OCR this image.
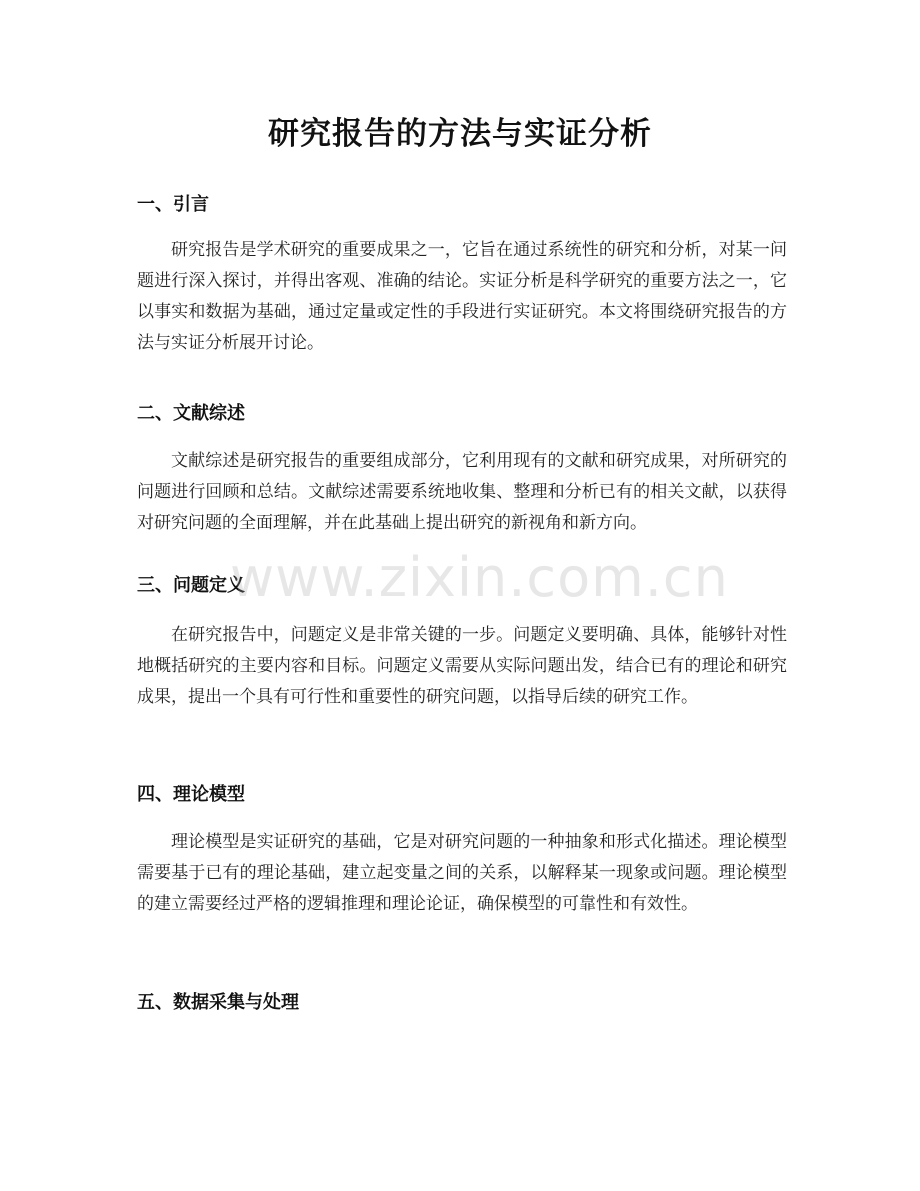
研究报告的方法与实证分析
一、引言

研究报告是学术研究的重要成果之一，它旨在通过系统性的研究和分析，对某一问题进行深入探讨，并得出客观、准确的结论。实证分析是科学研究的重要方法之一，它以事实和数据为基础，通过定量或定性的手段进行实证研究。本文将围绕研究报告的方法与实证分析展开讨论。

二、文献综述

文献综述是研究报告的重要组成部分，它利用现有的文献和研究成果，对所研究的问题进行回顾和总结。文献综述需要系统地收集、整理和分析已有的相关文献，以获得对研究问题的全面理解，并在此基础上提出研究的新视角和新方向。

三、问题定义

在研究报告中，问题定义是非常关键的一步。问题定义要明确、具体，能够针对性地概括研究的主要内容和目标。问题定义需要从实际问题出发，结合已有的理论和研究成果，提出一个具有可行性和重要性的研究问题，以指导后续的研究工作。

四、理论模型

理论模型是实证研究的基础，它是对研究问题的一种抽象和形式化描述。理论模型需要基于已有的理论基础，建立起变量之间的关系，以解释某一现象或问题。理论模型的建立需要经过严格的逻辑推理和理论论证，确保模型的可靠性和有效性。

五、数据采集与处理
www.zixin.com.cn
